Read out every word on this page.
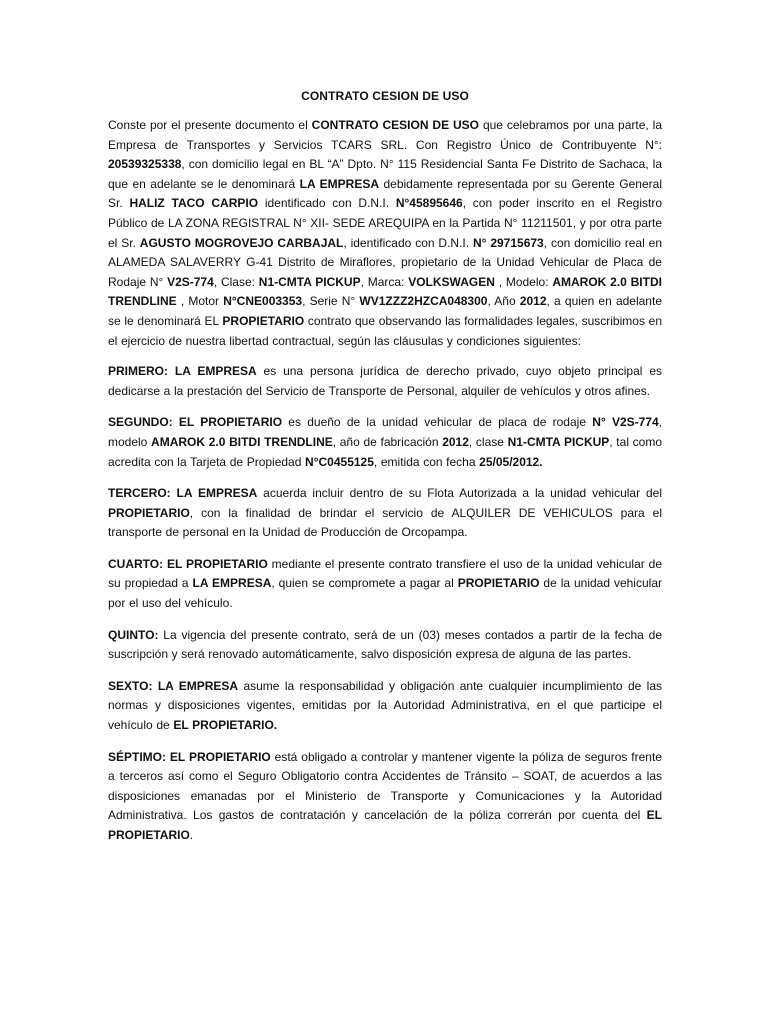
CONTRATO CESION DE USO

Conste por el presente documento el CONTRATO CESION DE USO que celebramos por una parte, la Empresa de Transportes y Servicios TCARS SRL. Con Registro Único de Contribuyente N°: 20539325338, con domicilio legal en BL “A” Dpto. N° 115 Residencial Santa Fe Distrito de Sachaca, la que en adelante se le denominará LA EMPRESA debidamente representada por su Gerente General Sr. HALIZ TACO CARPIO identificado con D.N.I. N°45895646, con poder inscrito en el Registro Público de LA ZONA REGISTRAL N° XII- SEDE AREQUIPA en la Partida N° 11211501, y por otra parte el Sr. AGUSTO MOGROVEJO CARBAJAL, identificado con D.N.I. N° 29715673, con domicilio real en ALAMEDA SALAVERRY G-41 Distrito de Miraflores, propietario de la Unidad Vehicular de Placa de Rodaje N° V2S-774, Clase: N1-CMTA PICKUP, Marca: VOLKSWAGEN , Modelo: AMAROK 2.0 BITDI TRENDLINE , Motor N°CNE003353, Serie N° WV1ZZZ2HZCA048300, Año 2012, a quien en adelante se le denominará EL PROPIETARIO contrato que observando las formalidades legales, suscribimos en el ejercicio de nuestra libertad contractual, según las cláusulas y condiciones siguientes:

PRIMERO: LA EMPRESA es una persona jurídica de derecho privado, cuyo objeto principal es dedicarse a la prestación del Servicio de Transporte de Personal, alquiler de vehículos y otros afines.

SEGUNDO: EL PROPIETARIO es dueño de la unidad vehicular de placa de rodaje N° V2S-774, modelo AMAROK 2.0 BITDI TRENDLINE, año de fabricación 2012, clase N1-CMTA PICKUP, tal como acredita con la Tarjeta de Propiedad N°C0455125, emitida con fecha 25/05/2012.

TERCERO: LA EMPRESA acuerda incluir dentro de su Flota Autorizada a la unidad vehicular del PROPIETARIO, con la finalidad de brindar el servicio de ALQUILER DE VEHICULOS para el transporte de personal en la Unidad de Producción de Orcopampa.

CUARTO: EL PROPIETARIO mediante el presente contrato transfiere el uso de la unidad vehicular de su propiedad a LA EMPRESA, quien se compromete a pagar al PROPIETARIO de la unidad vehicular por el uso del vehículo.

QUINTO: La vigencia del presente contrato, será de un (03) meses contados a partir de la fecha de suscripción y será renovado automáticamente, salvo disposición expresa de alguna de las partes.

SEXTO: LA EMPRESA asume la responsabilidad y obligación ante cualquier incumplimiento de las normas y disposiciones vigentes, emitidas por la Autoridad Administrativa, en el que participe el vehículo de EL PROPIETARIO.

SÉPTIMO: EL PROPIETARIO está obligado a controlar y mantener vigente la póliza de seguros frente a terceros así como el Seguro Obligatorio contra Accidentes de Tránsito – SOAT, de acuerdos a las disposiciones emanadas por el Ministerio de Transporte y Comunicaciones y la Autoridad Administrativa. Los gastos de contratación y cancelación de la póliza correrán por cuenta del EL PROPIETARIO.
